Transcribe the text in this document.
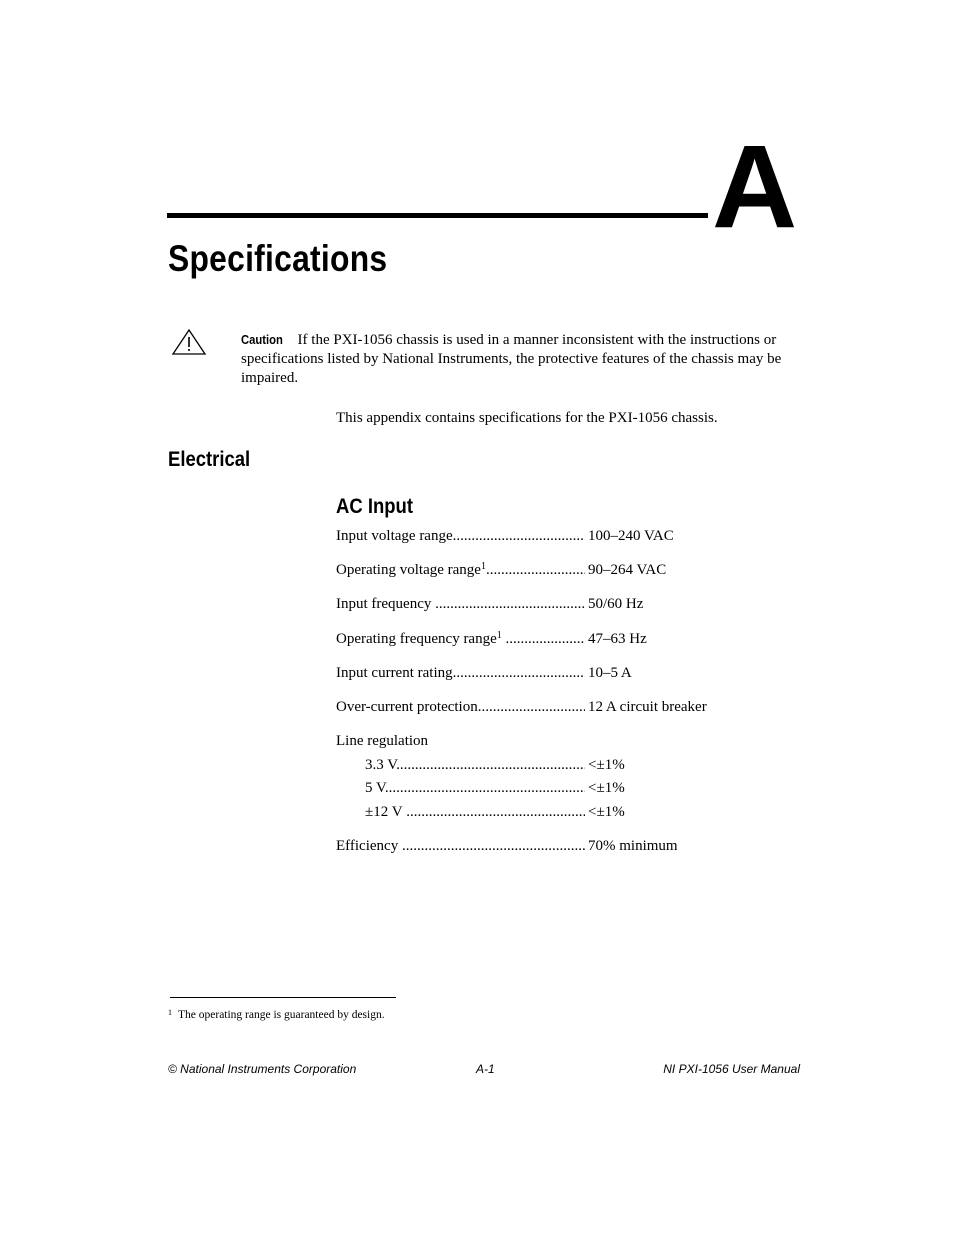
A
Specifications
Caution If the PXI-1056 chassis is used in a manner inconsistent with the instructions or specifications listed by National Instruments, the protective features of the chassis may be impaired.
This appendix contains specifications for the PXI-1056 chassis.
Electrical
AC Input
Input voltage range .....	100–240 VAC
Operating voltage range$^1$ .....	90–264 VAC
Input frequency  .....	50/60 Hz
Operating frequency range$^1$  .....	47–63 Hz
Input current rating .....	10–5 A
Over-current protection .....	12 A circuit breaker
Line regulation
3.3 V .....	<±1%
5 V .....	<±1%
±12 V  .....	<±1%
Efficiency  .....	70% minimum
$^1$ The operating range is guaranteed by design.
© National Instruments Corporation	A-1	NI PXI-1056 User Manual
